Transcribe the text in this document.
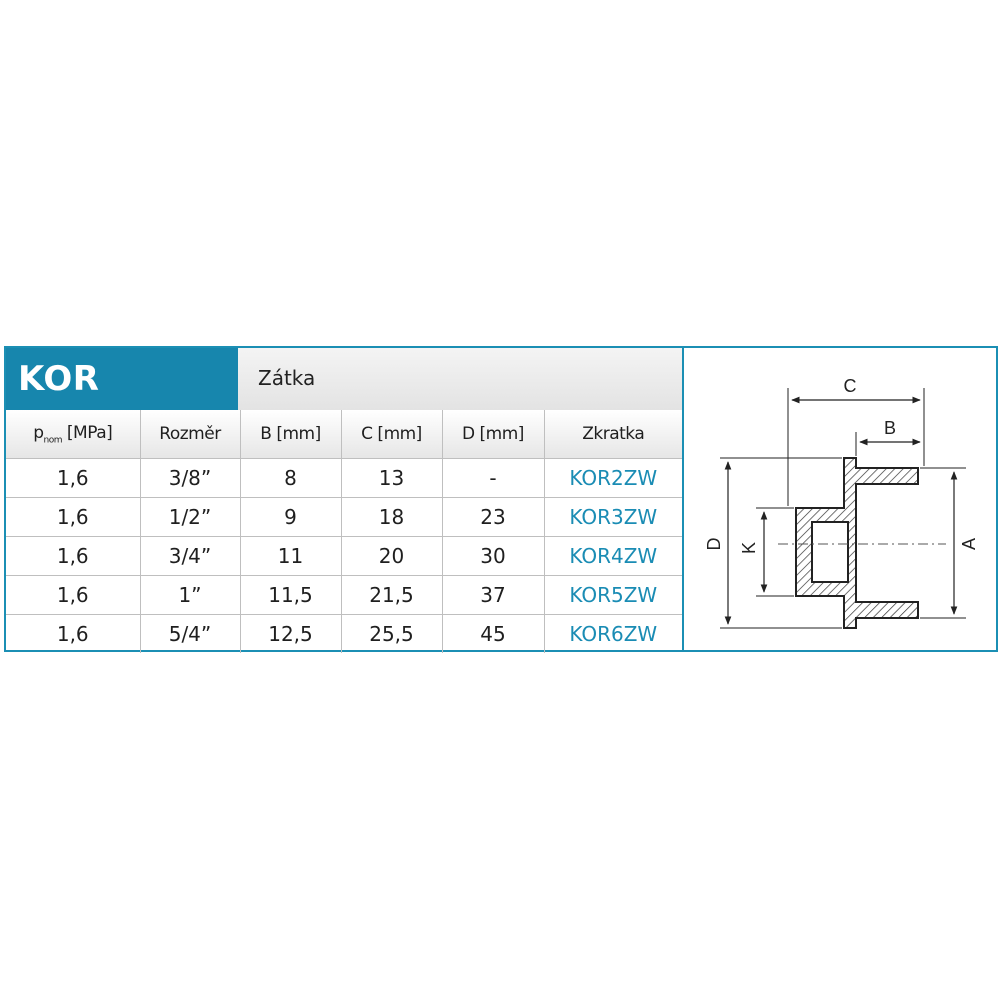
KOR	Zátka
$p_{nom}$ [MPa]	Rozměr	B [mm]	C [mm]	D [mm]	Zkratka
1,6	3/8”	8	13	-	KOR2ZW
1,6	1/2”	9	18	23	KOR3ZW
1,6	3/4”	11	20	30	KOR4ZW
1,6	1”	11,5	21,5	37	KOR5ZW
1,6	5/4”	12,5	25,5	45	KOR6ZW
C
B
D K	A
